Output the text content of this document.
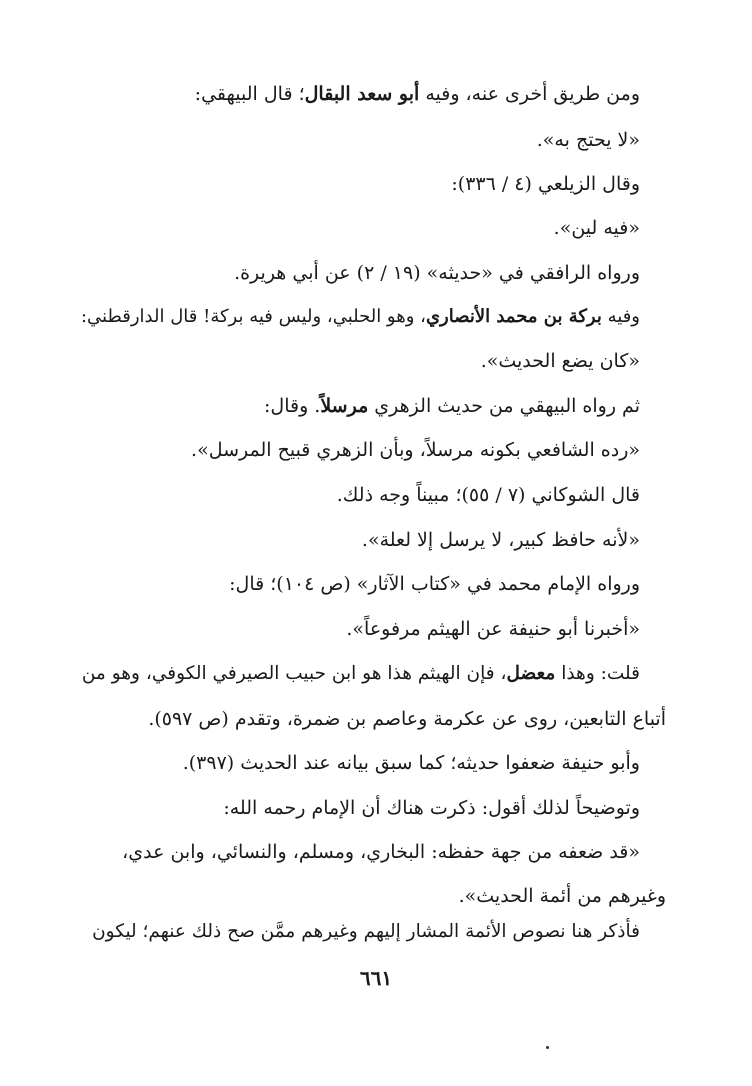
ومن طريق أخرى عنه، وفيه أبو سعد البقال؛ قال البيهقي:
«لا يحتج به».
وقال الزيلعي (٤ / ٣٣٦):
«فيه لين».
ورواه الرافقي في «حديثه» (١٩ / ٢) عن أبي هريرة.
وفيه بركة بن محمد الأنصاري، وهو الحلبي، وليس فيه بركة! قال الدارقطني:
«كان يضع الحديث».
ثم رواه البيهقي من حديث الزهري مرسلاً. وقال:
«رده الشافعي بكونه مرسلاً، وبأن الزهري قبيح المرسل».
قال الشوكاني (٧ / ٥٥)؛ مبيناً وجه ذلك.
«لأنه حافظ كبير، لا يرسل إلا لعلة».
ورواه الإمام محمد في «كتاب الآثار» (ص ١٠٤)؛ قال:
«أخبرنا أبو حنيفة عن الهيثم مرفوعاً».
قلت: وهذا معضل، فإن الهيثم هذا هو ابن حبيب الصيرفي الكوفي، وهو من
أتباع التابعين، روى عن عكرمة وعاصم بن ضمرة، وتقدم (ص ٥٩٧).
وأبو حنيفة ضعفوا حديثه؛ كما سبق بيانه عند الحديث (٣٩٧).
وتوضيحاً لذلك أقول: ذكرت هناك أن الإمام رحمه الله:
«قد ضعفه من جهة حفظه: البخاري، ومسلم، والنسائي، وابن عدي،
وغيرهم من أئمة الحديث».
فأذكر هنا نصوص الأئمة المشار إليهم وغيرهم ممَّن صح ذلك عنهم؛ ليكون
٦٦١
